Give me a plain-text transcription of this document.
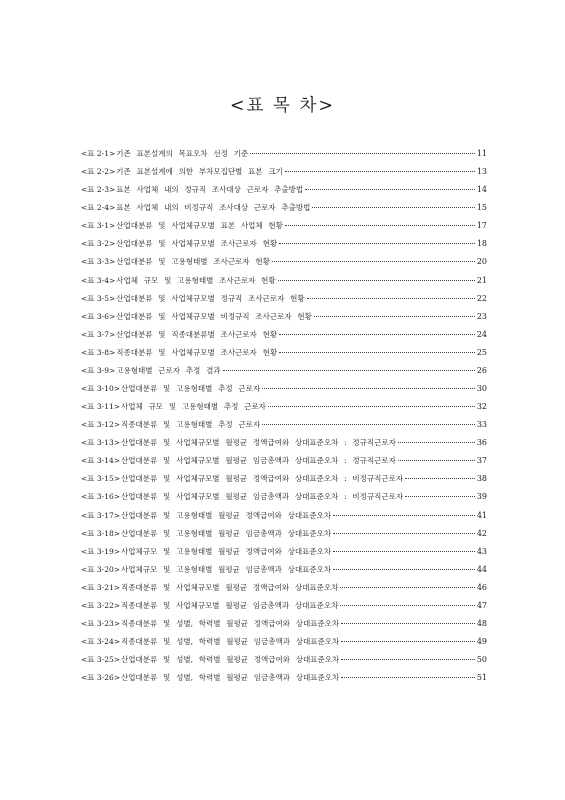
<표 목 차>
<표 2-1> 기존 표본설계의 목표오차 선정 기준	11
<표 2-2> 기존 표본설계에 의한 부차모집단별 표본 크기	13
<표 2-3> 표본 사업체 내의 정규직 조사대상 근로자 추출방법	14
<표 2-4> 표본 사업체 내의 비정규직 조사대상 근로자 추출방법	15
<표 3-1> 산업대분류 및 사업체규모별 표본 사업체 현황	17
<표 3-2> 산업대분류 및 사업체규모별 조사근로자 현황	18
<표 3-3> 산업대분류 및 고용형태별 조사근로자 현황	20
<표 3-4> 사업체 규모 및 고용형태별 조사근로자 현황	21
<표 3-5> 산업대분류 및 사업체규모별 정규직 조사근로자 현황	22
<표 3-6> 산업대분류 및 사업체규모별 비정규직 조사근로자 현황	23
<표 3-7> 산업대분류 및 직종대분류별 조사근로자 현황	24
<표 3-8> 직종대분류 및 사업체규모별 조사근로자 현황	25
<표 3-9> 고용형태별 근로자 추정 결과	26
<표 3-10> 산업대분류 및 고용형태별 추정 근로자	30
<표 3-11> 사업체 규모 및 고용형태별 추정 근로자	32
<표 3-12> 직종대분류 및 고용형태별 추정 근로자	33
<표 3-13> 산업대분류 및 사업체규모별 월평균 정액급여와 상대표준오차 : 정규직근로자	36
<표 3-14> 산업대분류 및 사업체규모별 월평균 임금총액과 상대표준오차 : 정규직근로자	37
<표 3-15> 산업대분류 및 사업체규모별 월평균 정액급여와 상대표준오차 : 비정규직근로자	38
<표 3-16> 산업대분류 및 사업체규모별 월평균 임금총액과 상대표준오차 : 비정규직근로자	39
<표 3-17> 산업대분류 및 고용형태별 월평균 정액급여와 상대표준오차	41
<표 3-18> 산업대분류 및 고용형태별 월평균 임금총액과 상대표준오차	42
<표 3-19> 사업체규모 및 고용형태별 월평균 정액급여와 상대표준오차	43
<표 3-20> 사업체규모 및 고용형태별 월평균 임금총액과 상대표준오차	44
<표 3-21> 직종대분류 및 사업체규모별 월평균 정액급여와 상대표준오차	46
<표 3-22> 직종대분류 및 사업체규모별 월평균 임금총액과 상대표준오차	47
<표 3-23> 직종대분류 및 성별, 학력별 월평균 정액급여와 상대표준오차	48
<표 3-24> 직종대분류 및 성별, 학력별 월평균 임금총액과 상대표준오차	49
<표 3-25> 산업대분류 및 성별, 학력별 월평균 정액급여와 상대표준오차	50
<표 3-26> 산업대분류 및 성별, 학력별 월평균 임금총액과 상대표준오차	51
